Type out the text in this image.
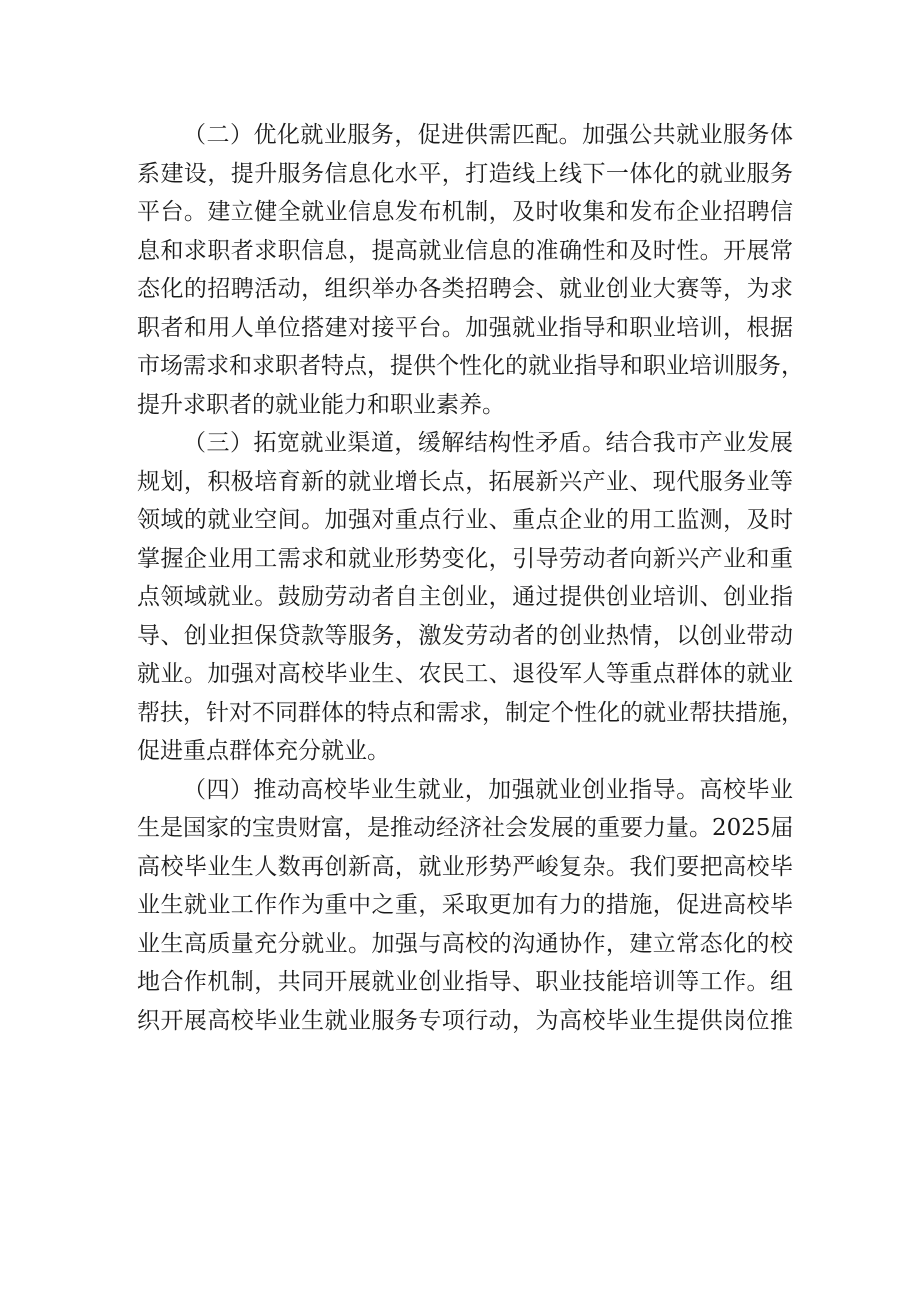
（二）优化就业服务，促进供需匹配。加强公共就业服务体
系建设，提升服务信息化水平，打造线上线下一体化的就业服务
平台。建立健全就业信息发布机制，及时收集和发布企业招聘信
息和求职者求职信息，提高就业信息的准确性和及时性。开展常
态化的招聘活动，组织举办各类招聘会、就业创业大赛等，为求
职者和用人单位搭建对接平台。加强就业指导和职业培训，根据
市场需求和求职者特点，提供个性化的就业指导和职业培训服务，
提升求职者的就业能力和职业素养。
（三）拓宽就业渠道，缓解结构性矛盾。结合我市产业发展
规划，积极培育新的就业增长点，拓展新兴产业、现代服务业等
领域的就业空间。加强对重点行业、重点企业的用工监测，及时
掌握企业用工需求和就业形势变化，引导劳动者向新兴产业和重
点领域就业。鼓励劳动者自主创业，通过提供创业培训、创业指
导、创业担保贷款等服务，激发劳动者的创业热情，以创业带动
就业。加强对高校毕业生、农民工、退役军人等重点群体的就业
帮扶，针对不同群体的特点和需求，制定个性化的就业帮扶措施，
促进重点群体充分就业。
（四）推动高校毕业生就业，加强就业创业指导。高校毕业
生是国家的宝贵财富，是推动经济社会发展的重要力量。2025届
高校毕业生人数再创新高，就业形势严峻复杂。我们要把高校毕
业生就业工作作为重中之重，采取更加有力的措施，促进高校毕
业生高质量充分就业。加强与高校的沟通协作，建立常态化的校
地合作机制，共同开展就业创业指导、职业技能培训等工作。组
织开展高校毕业生就业服务专项行动，为高校毕业生提供岗位推
